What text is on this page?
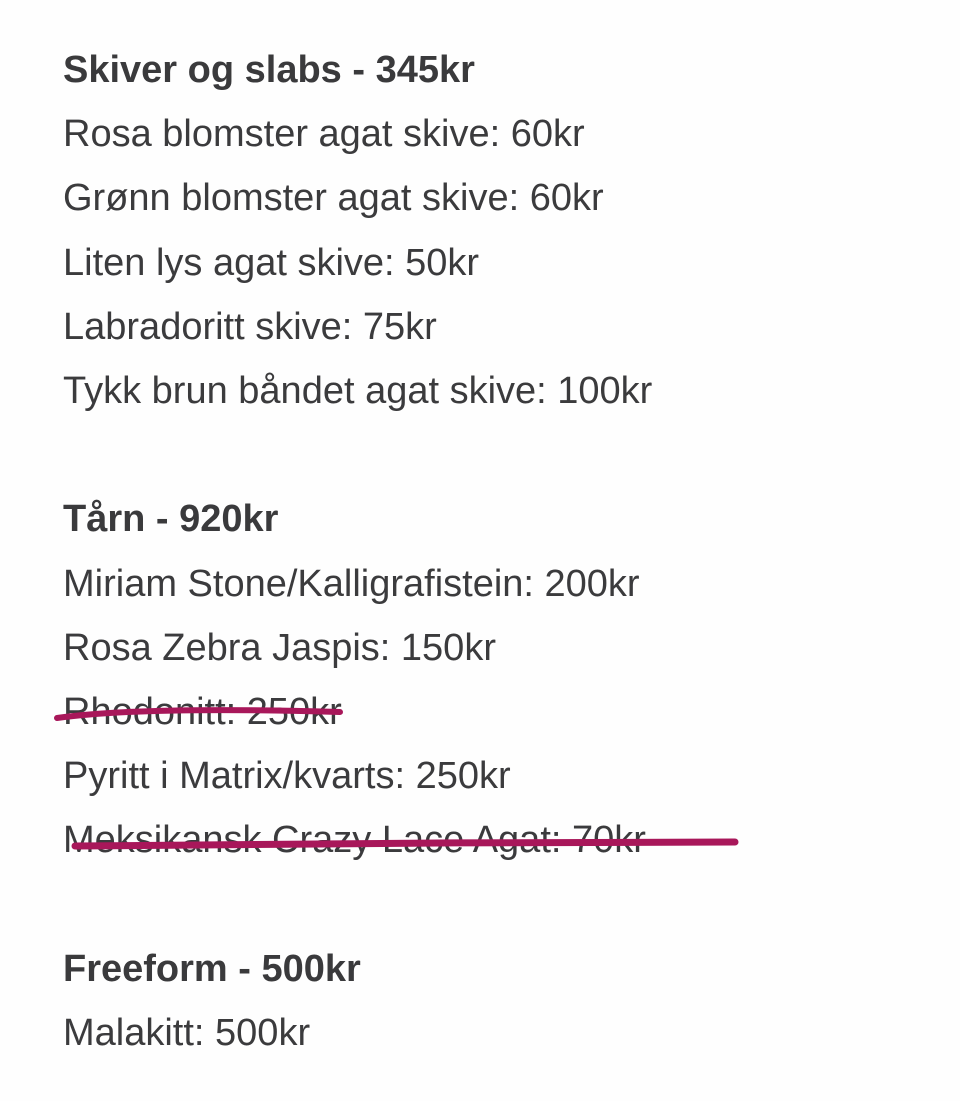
Skiver og slabs - 345kr
Rosa blomster agat skive: 60kr
Grønn blomster agat skive: 60kr
Liten lys agat skive: 50kr
Labradoritt skive: 75kr
Tykk brun båndet agat skive: 100kr
Tårn - 920kr
Miriam Stone/Kalligrafistein: 200kr
Rosa Zebra Jaspis: 150kr
Rhodonitt: 250kr
Pyritt i Matrix/kvarts: 250kr
Meksikansk Crazy Lace Agat: 70kr
Freeform - 500kr
Malakitt: 500kr
